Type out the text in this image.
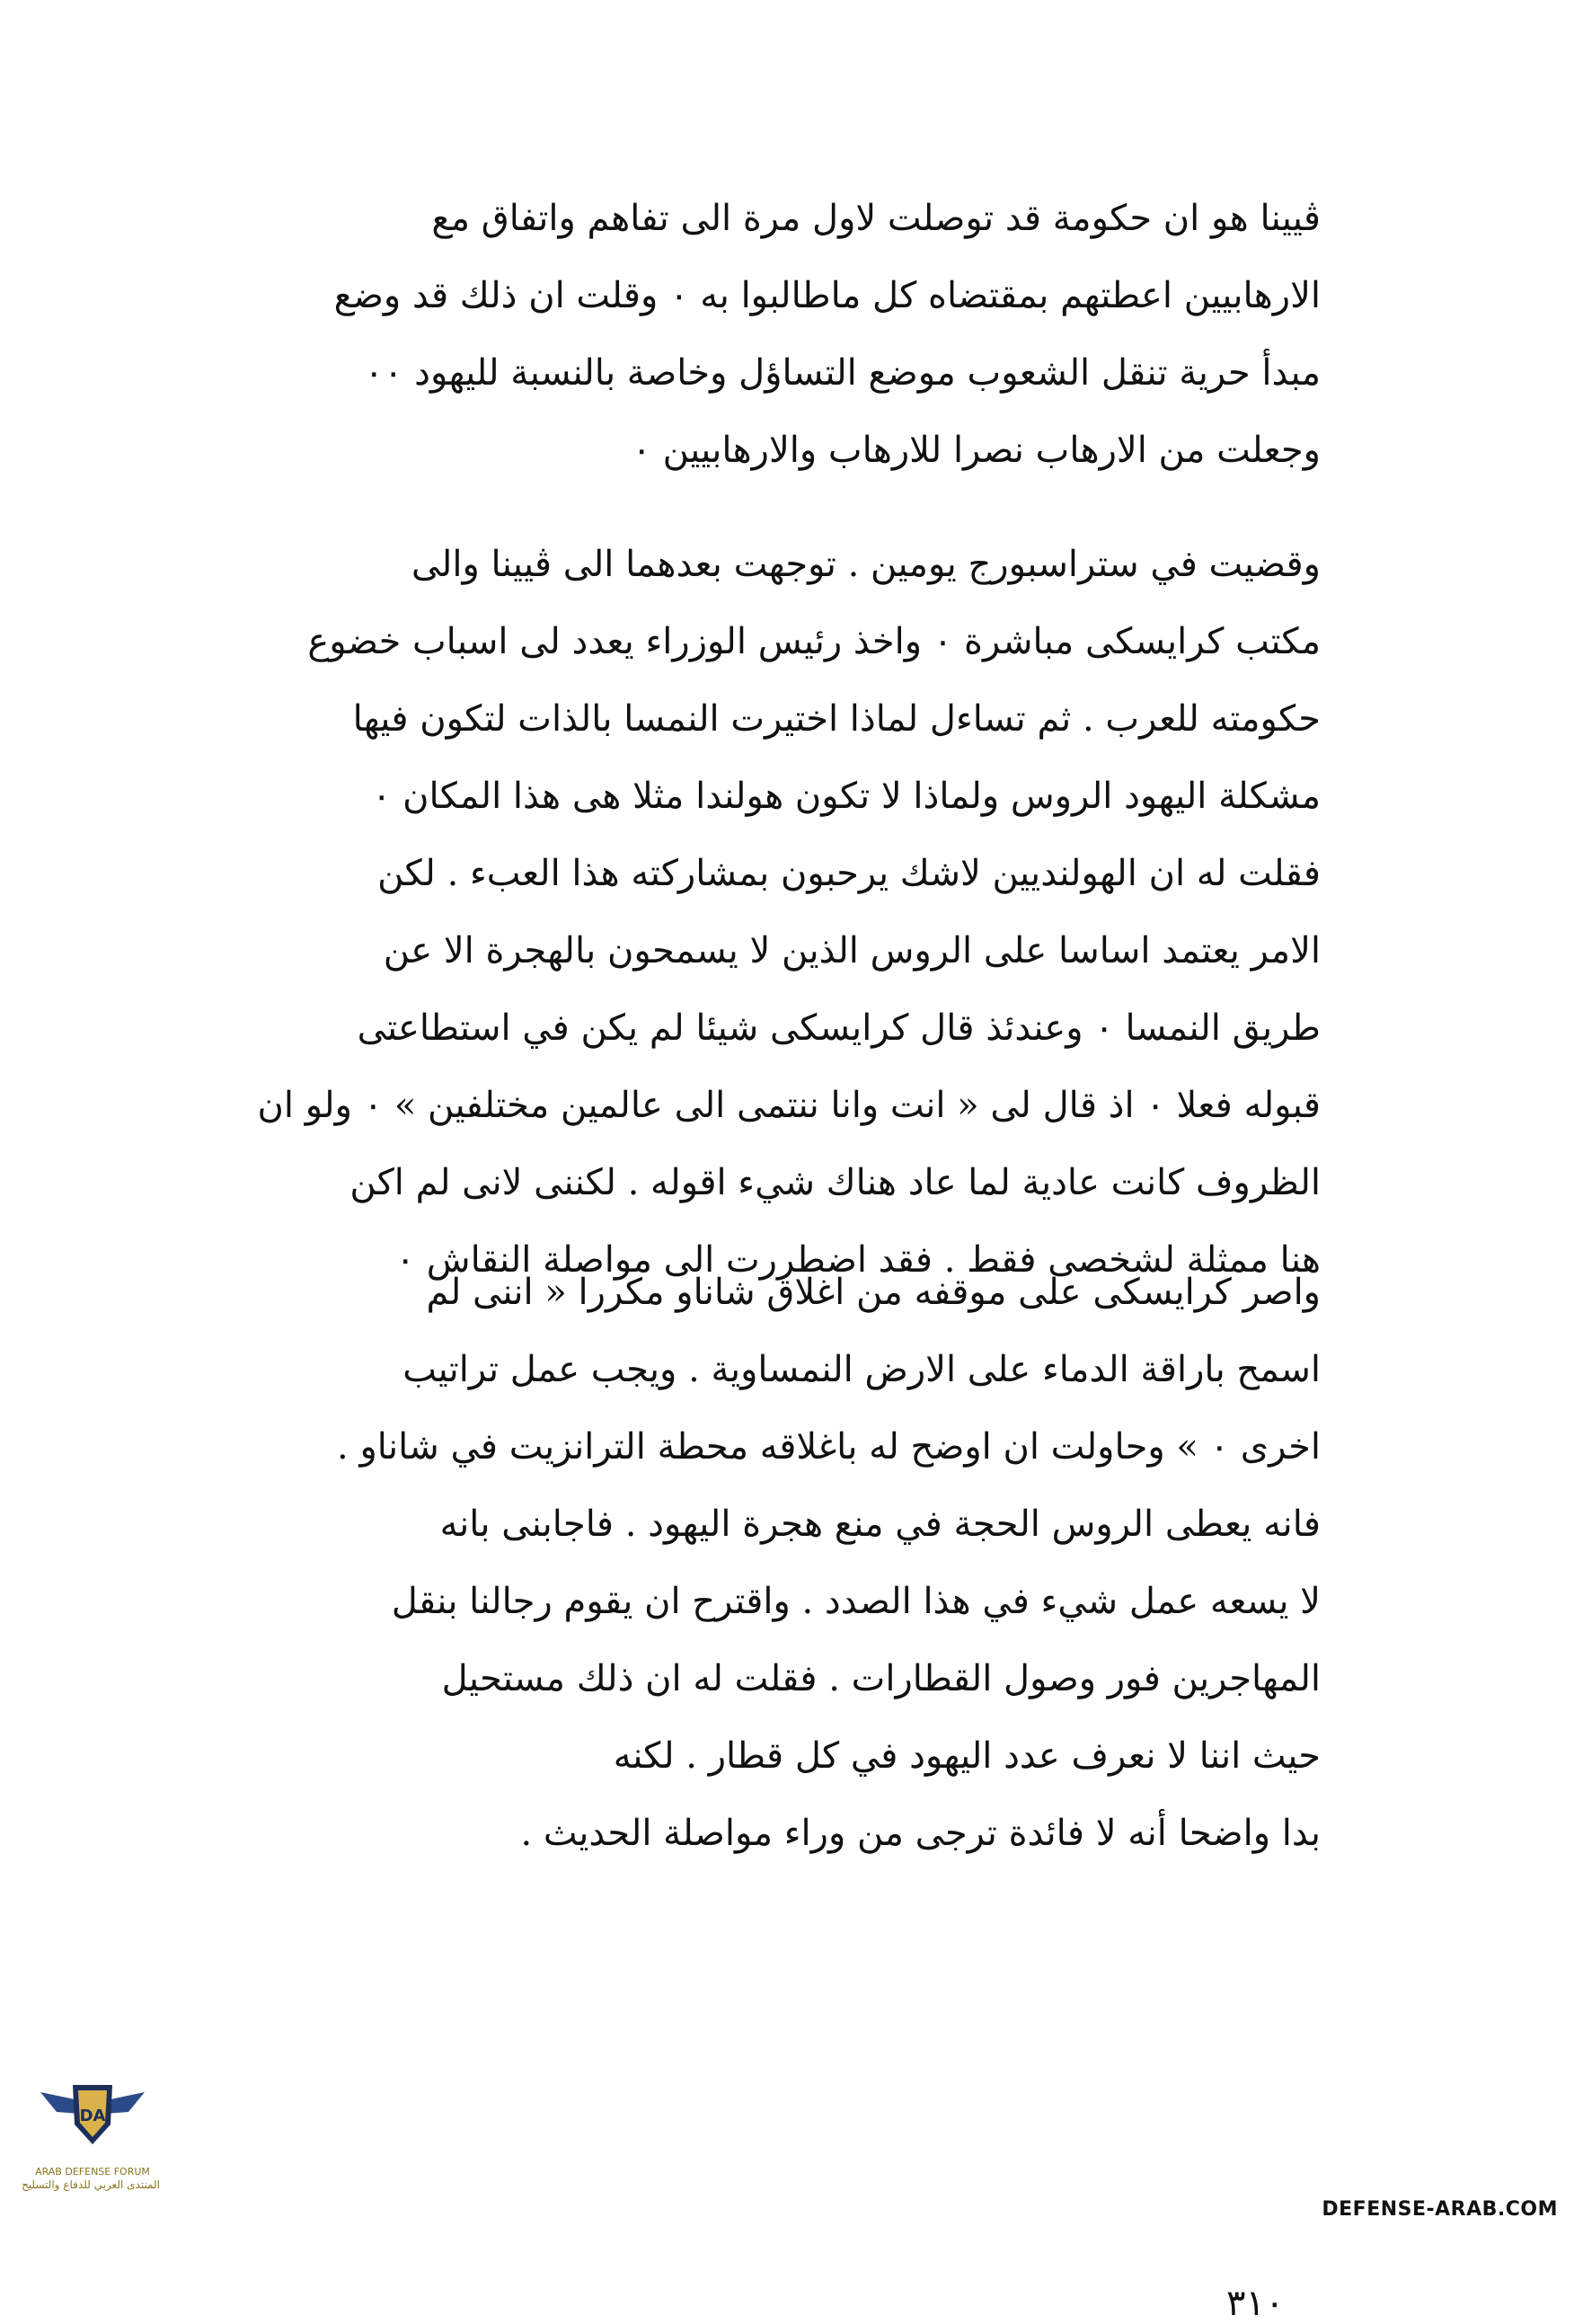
ڤيينا هو ان حكومة قد توصلت لاول مرة الى تفاهم واتفاق مع
الارهابيين اعطتهم بمقتضاه كل ماطالبوا به ٠ وقلت ان ذلك قد وضع
مبدأ حرية تنقل الشعوب موضع التساؤل وخاصة بالنسبة لليهود ٠٠
وجعلت من الارهاب نصرا للارهاب والارهابيين ٠
وقضيت في ستراسبورج يومين . توجهت بعدهما الى ڤيينا والى
مكتب كرايسكى مباشرة ٠ واخذ رئيس الوزراء يعدد لى اسباب خضوع
حكومته للعرب . ثم تساءل لماذا اختيرت النمسا بالذات لتكون فيها
مشكلة اليهود الروس ولماذا لا تكون هولندا مثلا هى هذا المكان ٠
فقلت له ان الهولنديين لاشك يرحبون بمشاركته هذا العبء . لكن
الامر يعتمد اساسا على الروس الذين لا يسمحون بالهجرة الا عن
طريق النمسا ٠ وعندئذ قال كرايسكى شيئا لم يكن في استطاعتى
قبوله فعلا ٠ اذ قال لى « انت وانا ننتمى الى عالمين مختلفين » ٠ ولو ان
الظروف كانت عادية لما عاد هناك شيء اقوله . لكننى لانى لم اكن
هنا ممثلة لشخصى فقط . فقد اضطررت الى مواصلة النقاش ٠
واصر كرايسكى على موقفه من اغلاق شاناو مكررا « اننى لم
اسمح باراقة الدماء على الارض النمساوية . ويجب عمل تراتيب
اخرى ٠ » وحاولت ان اوضح له باغلاقه محطة الترانزيت في شاناو .
فانه يعطى الروس الحجة في منع هجرة اليهود . فاجابنى بانه
لا يسعه عمل شيء في هذا الصدد . واقترح ان يقوم رجالنا بنقل
المهاجرين فور وصول القطارات . فقلت له ان ذلك مستحيل
حيث اننا لا نعرف عدد اليهود في كل قطار . لكنه
بدا واضحا أنه لا فائدة ترجى من وراء مواصلة الحديث .
٣١٠
DA
ARAB DEFENSE FORUM
المنتدى العربي للدفاع والتسليح
DEFENSE-ARAB.COM
